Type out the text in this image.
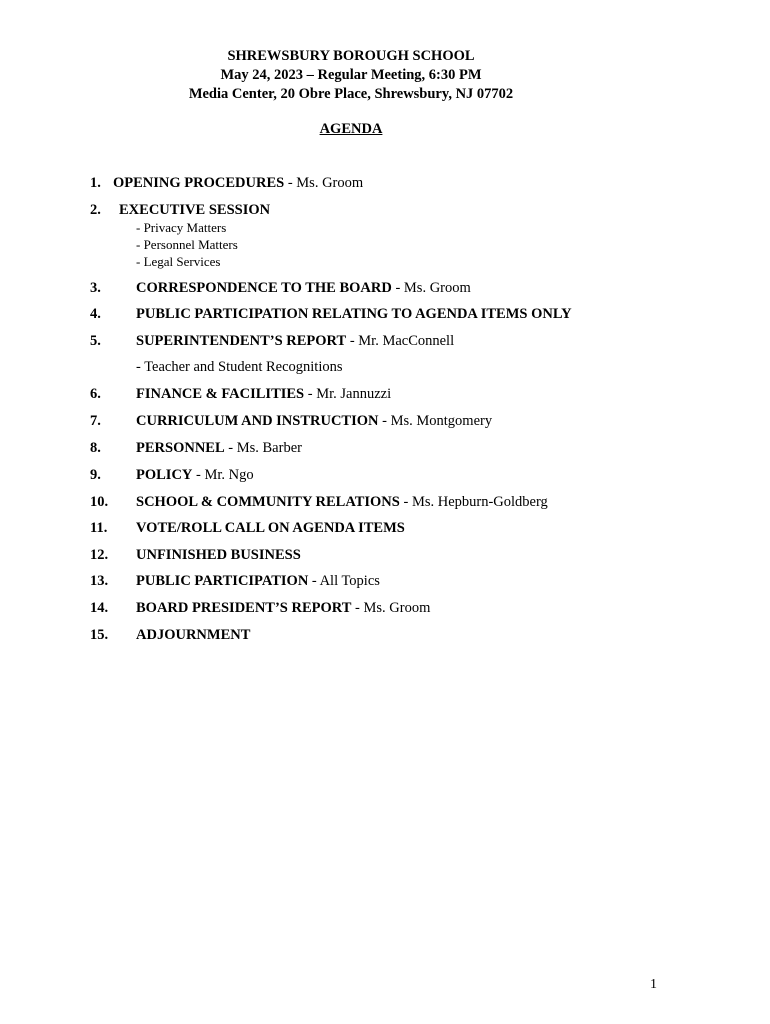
SHREWSBURY BOROUGH SCHOOL
May 24, 2023 – Regular Meeting, 6:30 PM
Media Center, 20 Obre Place, Shrewsbury, NJ 07702
AGENDA
1. OPENING PROCEDURES - Ms. Groom
2. EXECUTIVE SESSION
- Privacy Matters
- Personnel Matters
- Legal Services
3. CORRESPONDENCE TO THE BOARD - Ms. Groom
4. PUBLIC PARTICIPATION RELATING TO AGENDA ITEMS ONLY
5. SUPERINTENDENT’S REPORT - Mr. MacConnell
- Teacher and Student Recognitions
6. FINANCE & FACILITIES - Mr. Jannuzzi
7. CURRICULUM AND INSTRUCTION - Ms. Montgomery
8. PERSONNEL - Ms. Barber
9. POLICY - Mr. Ngo
10. SCHOOL & COMMUNITY RELATIONS - Ms. Hepburn-Goldberg
11. VOTE/ROLL CALL ON AGENDA ITEMS
12. UNFINISHED BUSINESS
13. PUBLIC PARTICIPATION - All Topics
14. BOARD PRESIDENT’S REPORT - Ms. Groom
15. ADJOURNMENT
1
